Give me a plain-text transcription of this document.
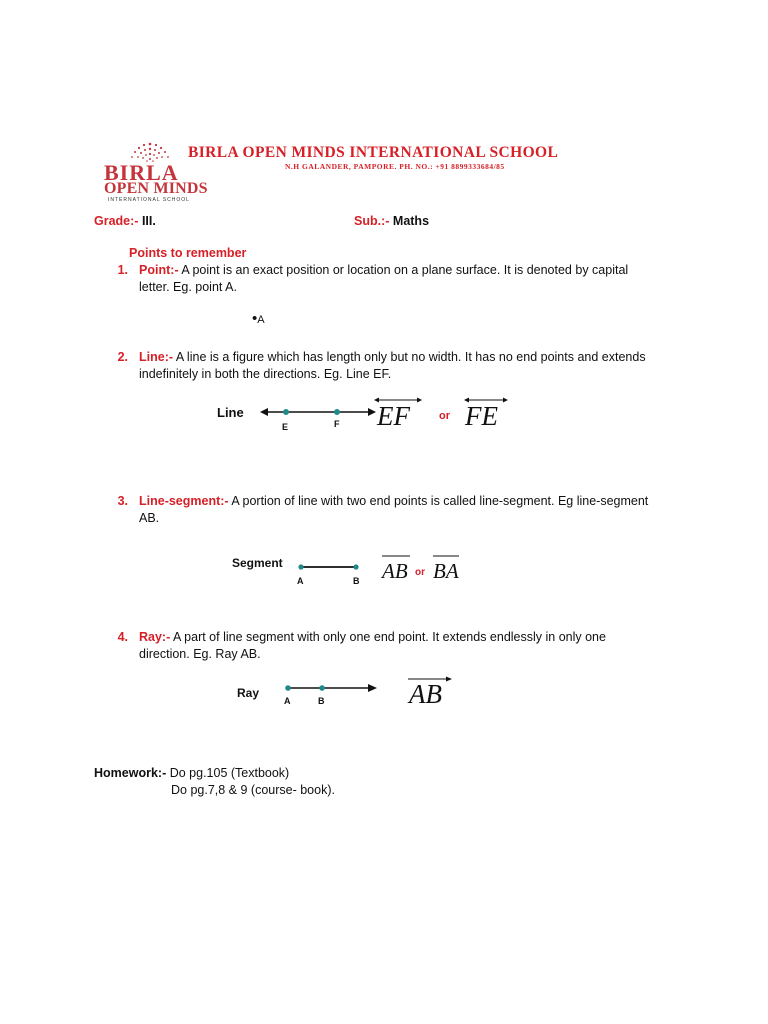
BIRLA
OPEN MINDS
INTERNATIONAL SCHOOL
BIRLA OPEN MINDS INTERNATIONAL SCHOOL
N.H GALANDER, PAMPORE. PH. NO.: +91 8899333684/85
Grade:- III.	Sub.:- Maths
Points to remember
1. Point:- A point is an exact position or location on a plane surface. It is denoted by capital
letter. Eg. point A.
•A
2. Line:- A line is a figure which has length only but no width. It has no end points and extends
indefinitely in both the directions. Eg. Line EF.
Line
E	F EF	or FE
3. Line-segment:- A portion of line with two end points is called line-segment. Eg line-segment
AB.
Segment
A	B AB or BA
4. Ray:- A part of line segment with only one end point. It extends endlessly in only one
direction. Eg. Ray AB.
Ray
A	B	AB
Homework:- Do pg.105 (Textbook)
Do pg.7,8 & 9 (course- book).
